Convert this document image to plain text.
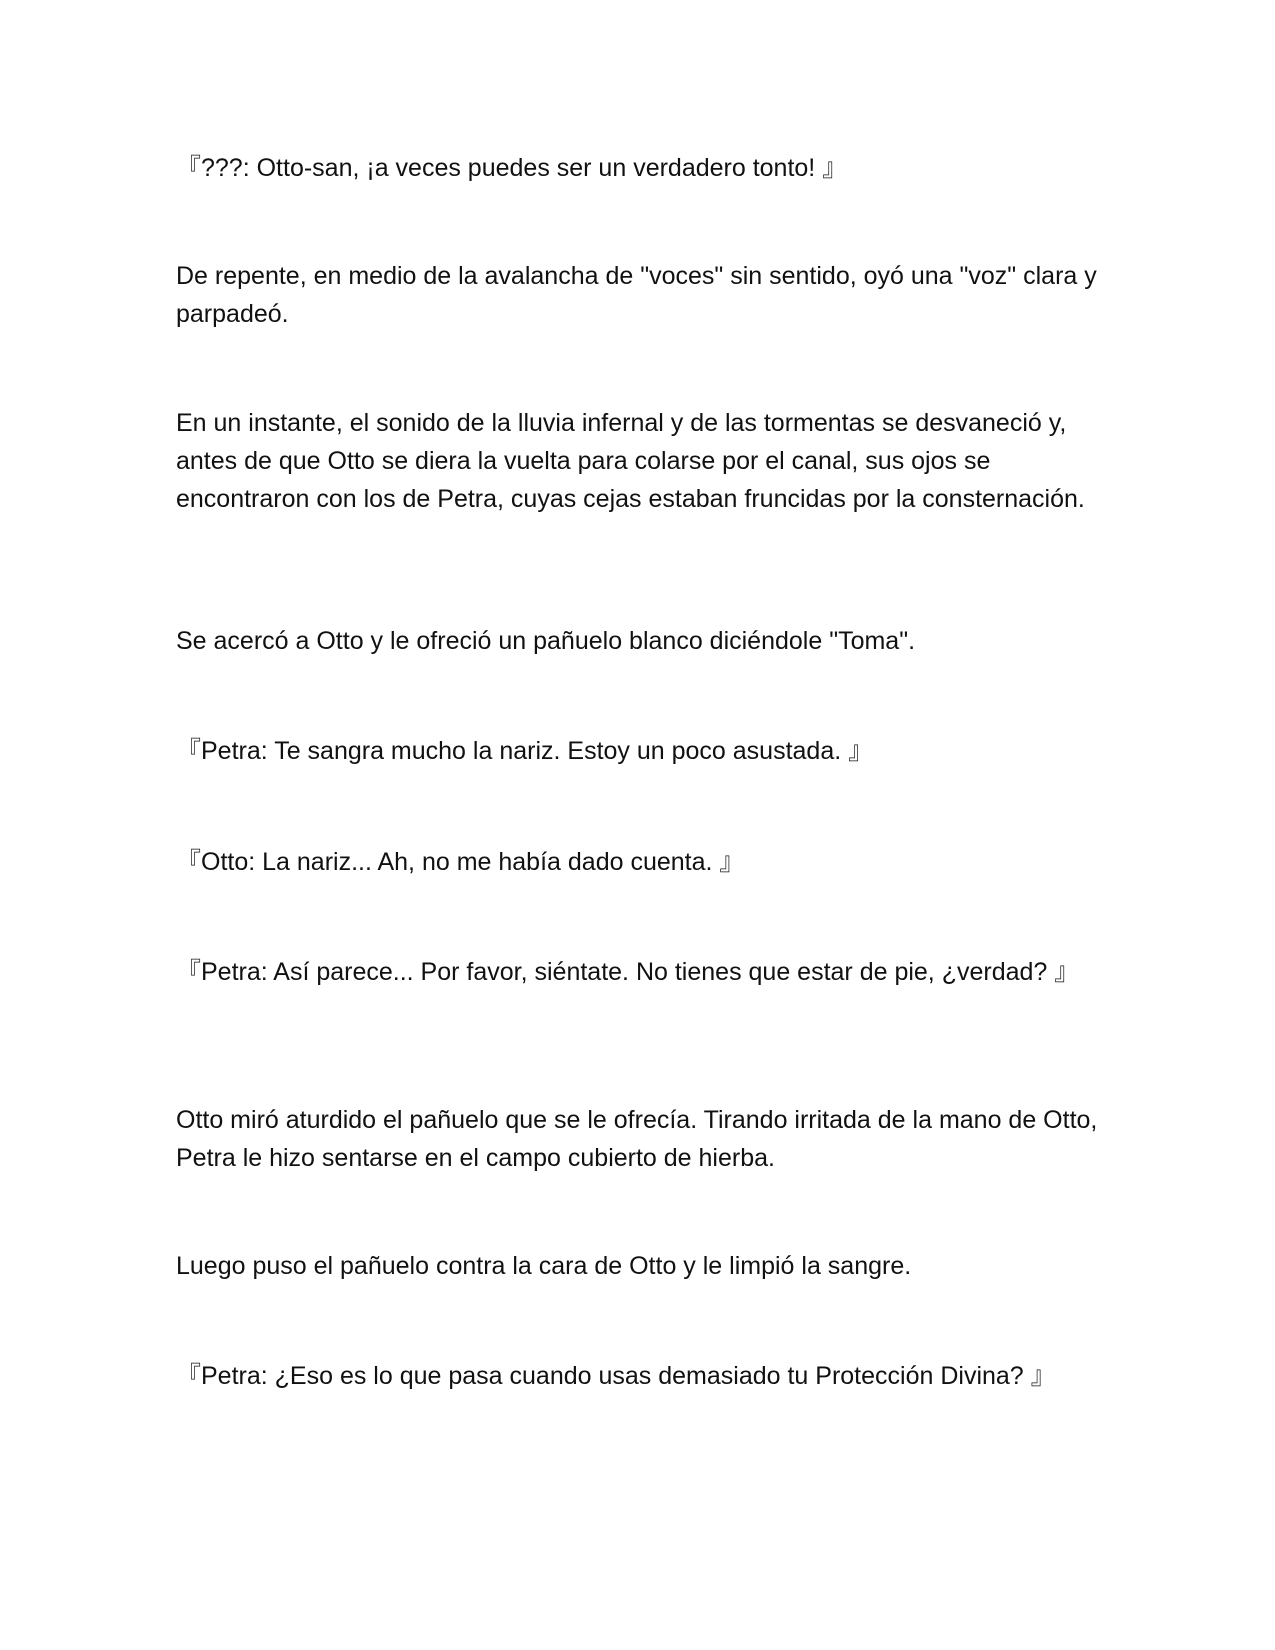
『???: Otto-san, ¡a veces puedes ser un verdadero tonto! 』

De repente, en medio de la avalancha de "voces" sin sentido, oyó una "voz" clara y parpadeó.

En un instante, el sonido de la lluvia infernal y de las tormentas se desvaneció y, antes de que Otto se diera la vuelta para colarse por el canal, sus ojos se encontraron con los de Petra, cuyas cejas estaban fruncidas por la consternación.

Se acercó a Otto y le ofreció un pañuelo blanco diciéndole "Toma".

『Petra: Te sangra mucho la nariz. Estoy un poco asustada. 』

『Otto: La nariz... Ah, no me había dado cuenta. 』

『Petra: Así parece... Por favor, siéntate. No tienes que estar de pie, ¿verdad? 』

Otto miró aturdido el pañuelo que se le ofrecía. Tirando irritada de la mano de Otto, Petra le hizo sentarse en el campo cubierto de hierba.

Luego puso el pañuelo contra la cara de Otto y le limpió la sangre.

『Petra: ¿Eso es lo que pasa cuando usas demasiado tu Protección Divina? 』
